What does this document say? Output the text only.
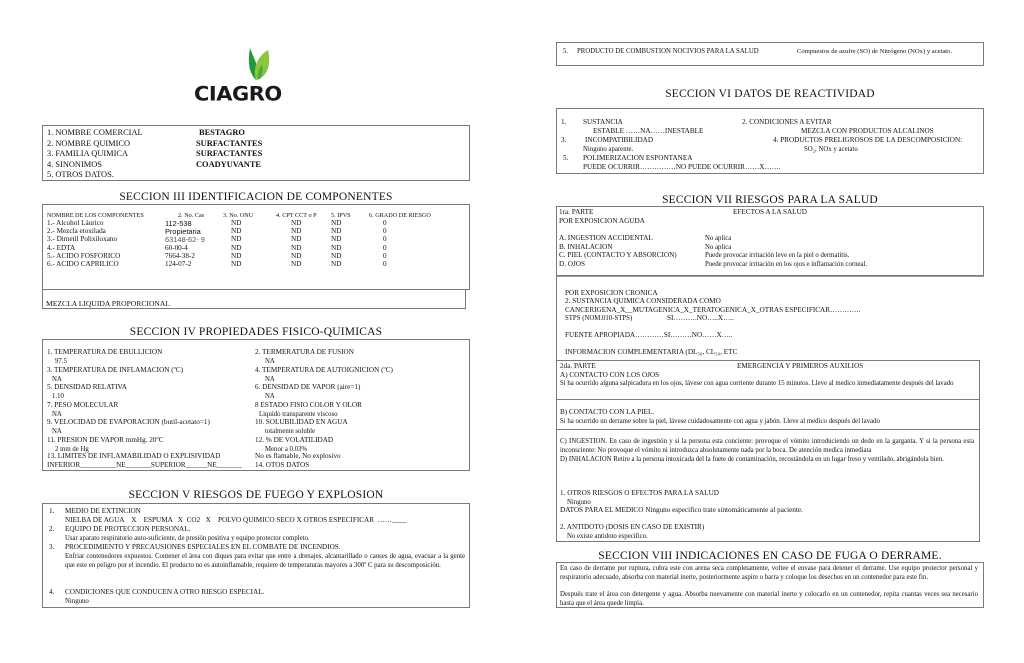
CIAGRO
1. NOMBRE COMERCIAL	BESTAGRO
2. NOMBRE QUIMICO	SURFACTANTES
3. FAMILIA QUIMICA	SURFACTANTES
4. SINONIMOS	COADYUVANTE
5. OTROS DATOS.
SECCION III IDENTIFICACION DE COMPONENTES
NOMBRE DE LOS COMPONENTES	2. No. Cas	3. No. ONU	4. CPT CCT o P 5. IPVS	6. GRADO DE RIESGO
1.- Alcohol Láurico	112-538	ND	ND	ND	0
2.- Mezcla etoxilada	Propietaria	ND	ND	ND	0
3.- Dimetil Polixiloxano	63148-62- 9	ND	ND	ND	0
4.- EDTA	60-00-4	ND	ND	ND	0
5.- ACIDO FOSFORICO	7664-38-2	ND	ND	ND	0
6.- ACIDO CAPRILICO	124-07-2	ND	ND	ND	0
MEZCLA LIQUIDA PROPORCIONAL
SECCION IV PROPIEDADES FISICO-QUIMICAS
1. TEMPERATURA DE EBULLICION
97.5
3. TEMPERATURA DE INFLAMACION (ºC)
NA
5. DENSIDAD RELATIVA
1.10
7. PESO MOLECULAR
NA
9. VELOCIDAD DE EVAPORACION (butil-acetato=1)
NA
11. PRESION DE VAPOR mmHg. 20ºC
2 mm de Hg
2. TERMERATURA DE FUSION
NA
4. TEMPERATURA DE AUTOIGNICION (ºC)
NA
6. DENSIDAD DE VAPOR (aire=1)
NA
8 ESTADO FISIO COLOR Y OLOR
Liquido transparente viscoso
10. SOLUBILIDAD EN AGUA
totalmente soluble
12. % DE VOLATILIDAD
Menor a 0.03%
13. LIMITES DE INFLAMABILIDAD O EXPLISIVIDAD
INFERIOR__________NE_______SUPERIOR______NE_______
No es flamable, No explosivo
14. OTOS DATOS
SECCION V RIESGOS DE FUEGO Y EXPLOSION
1. MEDIO DE EXTINCION
NIELBA DE AGUA    X    ESPUMA   X  CO2   X    POLVO QUIMICO SECO X OTROS ESPECIFICAR  ……____
2. EQUIPO DE PROTECCION PERSONAL.
Usar aparato respiratorio auto-suficiente, de presión positiva y equipo protector completo.
3. PROCEDIMIENTO Y PRECAUSIONES ESPECIALES EN EL COMBATE DE INCENDIOS.
Enfriar contenedores expuestos. Contener el área con diques para evitar que entre a drenajes, alcantarillado o causes de agua, evacuar a la gente que este en peligro por el incendio. El producto no es autoinflamable, requiere de temperaturas mayores a 300º C para su descomposición.
4. CONDICIONES QUE CONDUCEN A OTRO RIESGO ESPECIAL.
Ninguno
5. PRODUCTO DE COMBUSTION NOCIVIOS PARA LA SALUD	Compuestos de azufre (SO) de Nitrógeno (NOx) y acetato.
SECCION VI DATOS DE REACTIVIDAD
1. SUSTANCIA
ESTABLE ……NA……INESTABLE
2. CONDICIONES A EVITAR
MEZCLA CON PRODUCTOS ALCALINOS
3.	INCOMPATIBILIDAD
Ninguno aparente.
4. PRODUCTOS PRELIGROSOS DE LA DESCOMPOSICION:
SO₂, NOx y acetato
5. POLIMERIZACION ESPONTANEA
PUEDE OCURRIR……………NO PUEDE OCURRIR……X…….
SECCION VII RIESGOS PARA LA SALUD
1ra. PARTE	EFECTOS A LA SALUD
POR EXPOSICION AGUDA
A. INGESTION ACCIDENTAL	No aplica
B. INHALACION	No aplica
C. PIEL (CONTACTO Y ABSORCION)	Puede provocar irritación leve en la piel o dermatitis.
D. OJOS	Puede provocar irritación en los ojos e inflamación corneal.
POR EXPOSICION CRONICA
2. SUSTANCIA QUIMICA CONSIDERADA COMO
CANCERIGENA_X__MUTAGENICA_X_TERATOGENICA_X_OTRAS ESPECIFICAR………….
STPS (NOM.010-STPS)	SI……….NO…..X…..
FUENTE APROPIADA…………SI………NO……X…..
INFORMACION COMPLEMENTARIA (DL₅₀, CL₅₀, ETC
2da. PARTE	EMERGENCIA Y PRIMEROS AUXILIOS
A) CONTACTO CON LOS OJOS
Si ha ocurrido alguna salpicadura en los ojos, lávese con agua corriente durante 15 minutos. Lleve al medico inmediatamente después del lavado
B) CONTACTO CON LA PIEL.
Si ha ocurrido un derrame sobre la piel, lávese cuidadosamente con agua y jabón. Lleve al medico después del lavado
C) INGESTION. En caso de ingestión y si la persona esta conciente: provoque el vómito introduciendo un dedo en la garganta. Y si la persona esta inconsciente: No provoque el vómito ni introduzca absolutamente nada por la boca. De atención medica inmediata
D) INHALACION Retire a la persona intoxicada del la fuete de contaminación, recostándola en un lugar freso y ventilado, abrigándola bien.
1. OTROS RIESGOS O EFECTOS PARA LA SALUD
Ninguno
DATOS PARA EL MEDICO Ninguno especifico trate sintomáticamente al paciente.
2. ANTIDOTO (DOSIS EN CASO DE EXISTIR)
No existe antidoto especifico.
SECCION VIII INDICACIONES EN CASO DE FUGA O DERRAME.
En caso de derrame por ruptura, cubra este con arena seca completamente, voltee el envase para detener el derrame. Use equipo protector personal y respiratorio adecuado, absorba con material inerte, posteriormente aspire o barra y coloque los desechos en un contenedor para este fin.
Después trate el área con detergente y agua. Absorba nuevamente con material inerte y colocarlo en un contenedor, repita cuantas veces sea necesario hasta que el área quede limpia.
